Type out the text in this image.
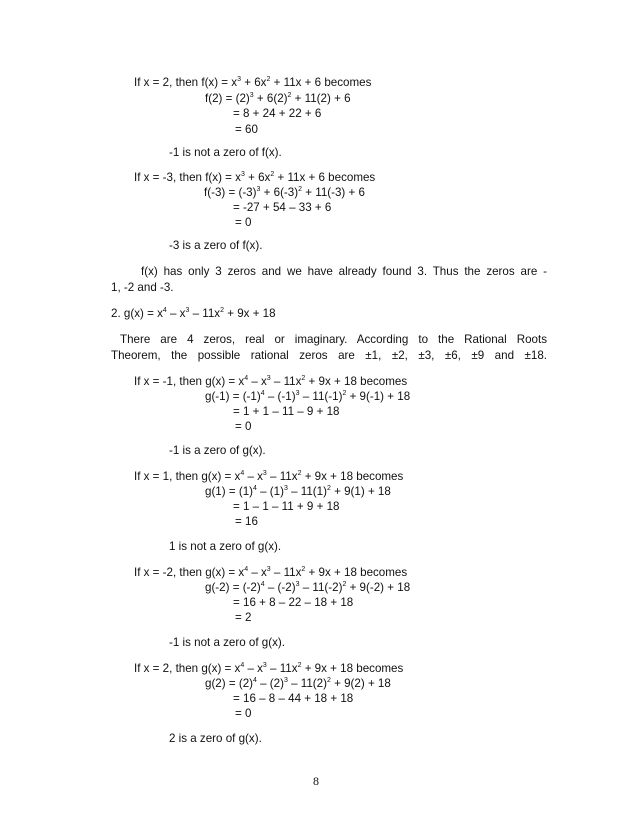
If x = 2, then $f(x) = x^3 + 6x^2 + 11x + 6$ becomes
$f(2) = (2)^3 + 6(2)^2 + 11(2) + 6$
= 8 + 24 + 22 + 6
= 60
-1 is not a zero of f(x).
If x = -3, then $f(x) = x^3 + 6x^2 + 11x + 6$ becomes
$f(-3) = (-3)^3 + 6(-3)^2 + 11(-3) + 6$
= -27 + 54 – 33 + 6
= 0
-3 is a zero of f(x).
f(x) has only 3 zeros and we have already found 3. Thus the zeros are -
1, -2 and -3.
2. $g(x) = x^4 - x^3 - 11x^2 + 9x + 18$
There are 4 zeros, real or imaginary. According to the Rational Roots
Theorem, the possible rational zeros are ±1, ±2, ±3, ±6, ±9 and ±18.
If x = -1, then $g(x) = x^4 - x^3 - 11x^2 + 9x + 18$ becomes
$g(-1) = (-1)^4 - (-1)^3 - 11(-1)^2 + 9(-1) + 18$
= 1 + 1 – 11 – 9 + 18
= 0
-1 is a zero of g(x).
If x = 1, then $g(x) = x^4 - x^3 - 11x^2 + 9x + 18$ becomes
$g(1) = (1)^4 - (1)^3 - 11(1)^2 + 9(1) + 18$
= 1 – 1 – 11 + 9 + 18
= 16
1 is not a zero of g(x).
If x = -2, then $g(x) = x^4 - x^3 - 11x^2 + 9x + 18$ becomes
$g(-2) = (-2)^4 - (-2)^3 - 11(-2)^2 + 9(-2) + 18$
= 16 + 8 – 22 – 18 + 18
= 2
-1 is not a zero of g(x).
If x = 2, then $g(x) = x^4 - x^3 - 11x^2 + 9x + 18$ becomes
$g(2) = (2)^4 - (2)^3 - 11(2)^2 + 9(2) + 18$
= 16 – 8 – 44 + 18 + 18
= 0
2 is a zero of g(x).
8
